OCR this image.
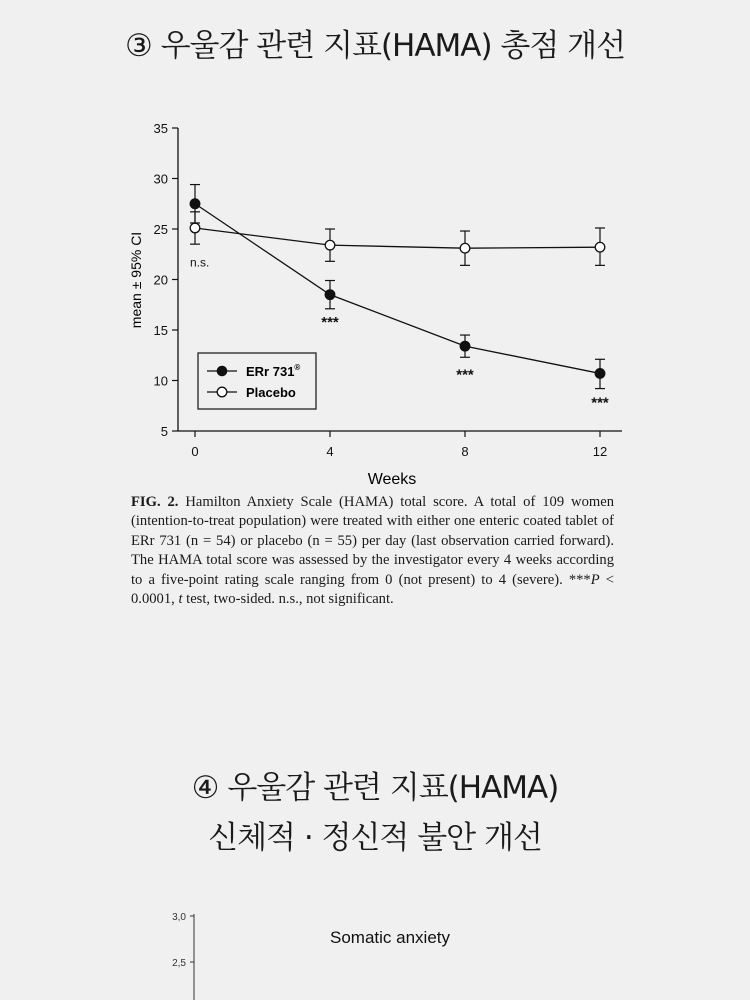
③ 우울감 관련 지표(HAMA) 총점 개선
5
10
15
20
25
30
35
0	4	8	12
n.s.
***
***
***
mean ± 95% CI
Weeks
ERr 731®
Placebo
FIG. 2. Hamilton Anxiety Scale (HAMA) total score. A total of 109 women (intention-to-treat population) were treated with either one enteric coated tablet of ERr 731 (n = 54) or placebo (n = 55) per day (last observation carried forward). The HAMA total score was assessed by the investigator every 4 weeks according to a five-point rating scale ranging from 0 (not present) to 4 (severe). ***P < 0.0001, t test, two-sided. n.s., not significant.
④ 우울감 관련 지표(HAMA)
신체적 · 정신적 불안 개선
3,0
2,5
Somatic anxiety
